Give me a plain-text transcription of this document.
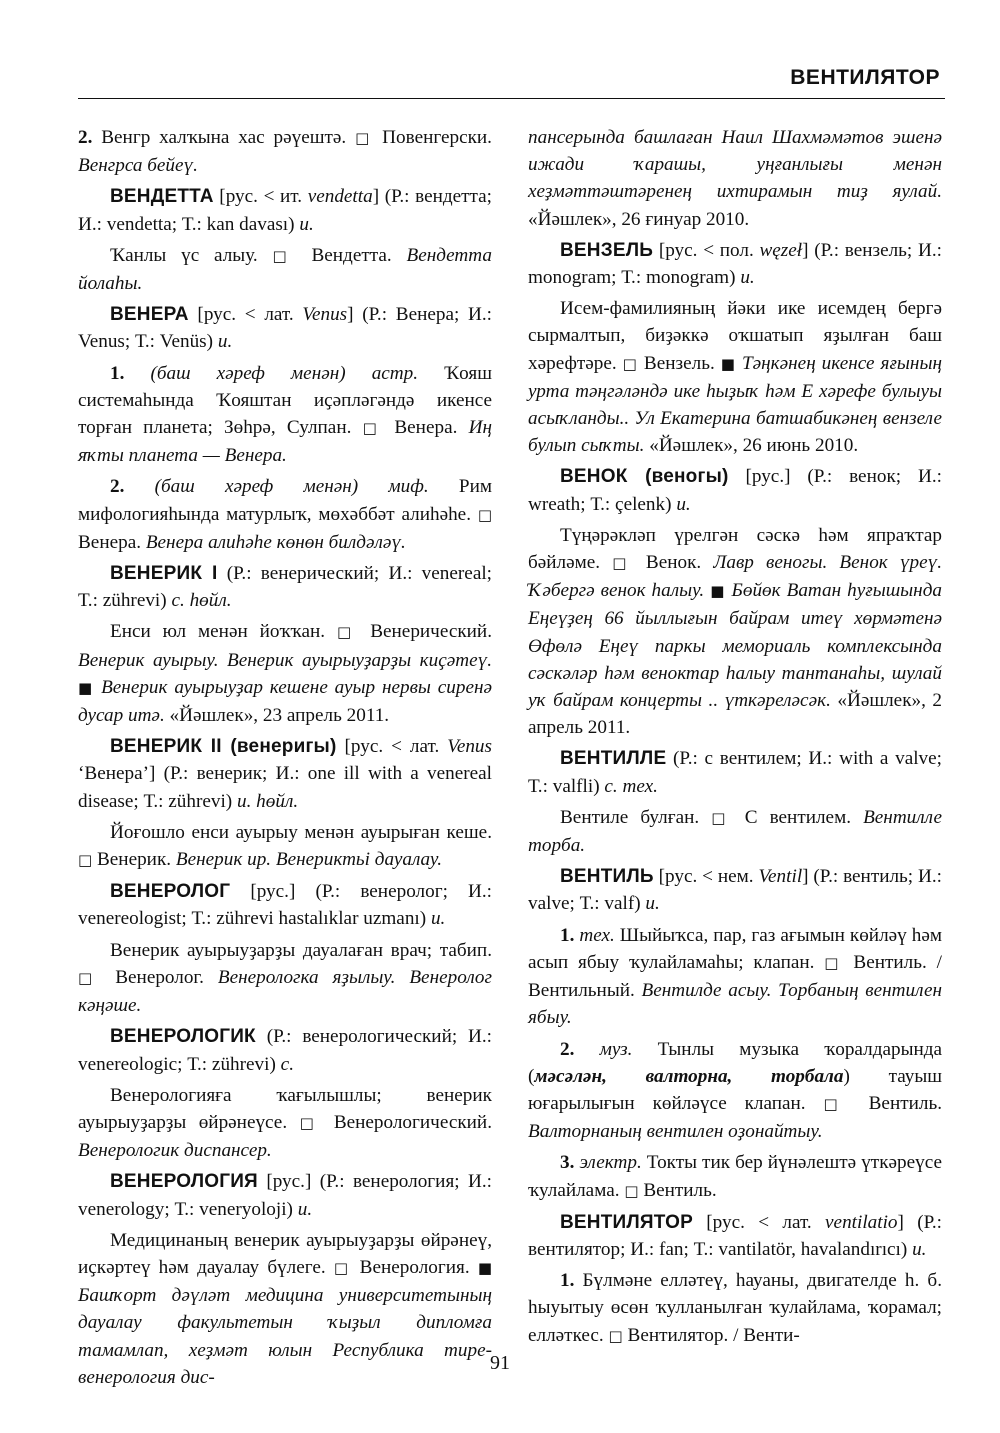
ВЕНТИЛЯТОР

2. Венгр халҡына хас рәүештә. □ Повенгерски. Венгрса бейеү.

ВЕНДЕТТА [рус. < ит. vendetta] (Р.: вендетта; И.: vendetta; Т.: kan davası) и.

Ҡанлы үс алыу. □ Вендетта. Вендетта йолаһы.

ВЕНЕРА [рус. < лат. Venus] (Р.: Венера; И.: Venus; Т.: Venüs) и.

1. (баш хәреф менән) астр. Ҡояш системаһында Ҡояштан иҫәпләгәндә икенсе торған планета; Зөһрә, Сулпан. □ Венера. Иң яҡты планета — Венера.

2. (баш хәреф менән) миф. Рим мифологияһында матурлыҡ, мөхәббәт алиһәһе. □ Венера. Венера алиһәһе көнөн билдәләү.

ВЕНЕРИК I (Р.: венерический; И.: venereal; Т.: zührevi) с. һөйл.

Енси юл менән йоҡҡан. □ Венерический. Венерик ауырыу. Венерик ауырыуҙарҙы киҫәтеү. ■ Венерик ауырыуҙар кешене ауыр нервы сиренә дусар итә. «Йәшлек», 23 апрель 2011.

ВЕНЕРИК II (венеригы) [рус. < лат. Venus ‘Венера’] (Р.: венерик; И.: one ill with a venereal disease; Т.: zührevi) и. һөйл.

Йоғошло енси ауырыу менән ауырыған кеше. □ Венерик. Венерик ир. Венериктьі дауалау.

ВЕНЕРОЛОГ [рус.] (Р.: венеролог; И.: venereologist; Т.: zührevi hastalıklar uzmanı) и.

Венерик ауырыуҙарҙы дауалаған врач; табип. □ Венеролог. Венерологка яҙылыу. Венеролог кәңәше.

ВЕНЕРОЛОГИК (Р.: венерологический; И.: venereologic; Т.: zührevi) с.

Венерологияға ҡағылышлы; венерик ауырыуҙарҙы өйрәнеүсе. □ Венерологический. Венерологик диспансер.

ВЕНЕРОЛОГИЯ [рус.] (Р.: венерология; И.: venerology; Т.: veneryoloji) и.

Медицинаның венерик ауырыуҙарҙы өйрәнеү, иҫкәртеү һәм дауалау бүлеге. □ Венерология. ■ Башҡорт дәүләт медицина университетының дауалау факультетын ҡыҙыл дипломға тамамлап, хеҙмәт юлын Республика тире-венерология дис-

пансерында башлаған Наил Шахмәмәтов эшенә ижади ҡарашы, уңғанлығы менән хеҙмәттәштәренең ихтирамын тиҙ яулай. «Йәшлек», 26 ғинуар 2010.

ВЕНЗЕЛЬ [рус. < пол. węzeł] (Р.: вензель; И.: monogram; Т.: monogram) и.

Исем-фамилияның йәки ике исемдең бергә сырмалтып, биҙәккә оҡшатып яҙылған баш хәрефтәре. □ Вензель. ■ Тәңкәнең икенсе яғының урта тәңгәләндә ике һыҙыҡ һәм Е хәрефе булыуы асыҡланды.. Ул Екатерина батшабикәнең вензеле булып сыҡты. «Йәшлек», 26 июнь 2010.

ВЕНОК (веногы) [рус.] (Р.: венок; И.: wreath; Т.: çelenk) и.

Түңәрәкләп үрелгән сәскә һәм япраҡтар бәйләме. □ Венок. Лавр веногы. Венок үреү. Ҡәбергә венок һалыу. ■ Бөйөк Ватан һуғышында Еңеүҙең 66 йыллығын байрам итеү хөрмәтенә Өфөлә Еңеү паркы мемориаль комплексында сәскәләр һәм веноктар һалыу тантанаһы, шулай уҡ байрам концерты .. үткәреләсәк. «Йәшлек», 2 апрель 2011.

ВЕНТИЛЛЕ (Р.: с вентилем; И.: with a valve; Т.: valfli) с. тех.

Вентиле булған. □ С вентилем. Вентилле торба.

ВЕНТИЛЬ [рус. < нем. Ventil] (Р.: вентиль; И.: valve; Т.: valf) и.

1. тех. Шыйыҡса, пар, газ ағымын көйләү һәм асып ябыу ҡулайламаһы; клапан. □ Вентиль. / Вентильный. Вентилде асыу. Торбаның вентилен ябыу.

2. муз. Тынлы музыка ҡоралдарында (мәсәлән, валторна, торбала) тауыш юғарылығын көйләүсе клапан. □ Вентиль. Валторнаның вентилен оҙонайтыу.

3. электр. Токты тик бер йүнәлештә үткәреүсе ҡулайлама. □ Вентиль.

ВЕНТИЛЯТОР [рус. < лат. ventilatio] (Р.: вентилятор; И.: fan; Т.: vantilatör, havalandırıcı) и.

1. Бүлмәне елләтеү, һауаны, двигателде һ. б. һыуытыу өсөн ҡулланылған ҡулайлама, ҡорамал; елләткес. □ Вентилятор. / Венти-

91
